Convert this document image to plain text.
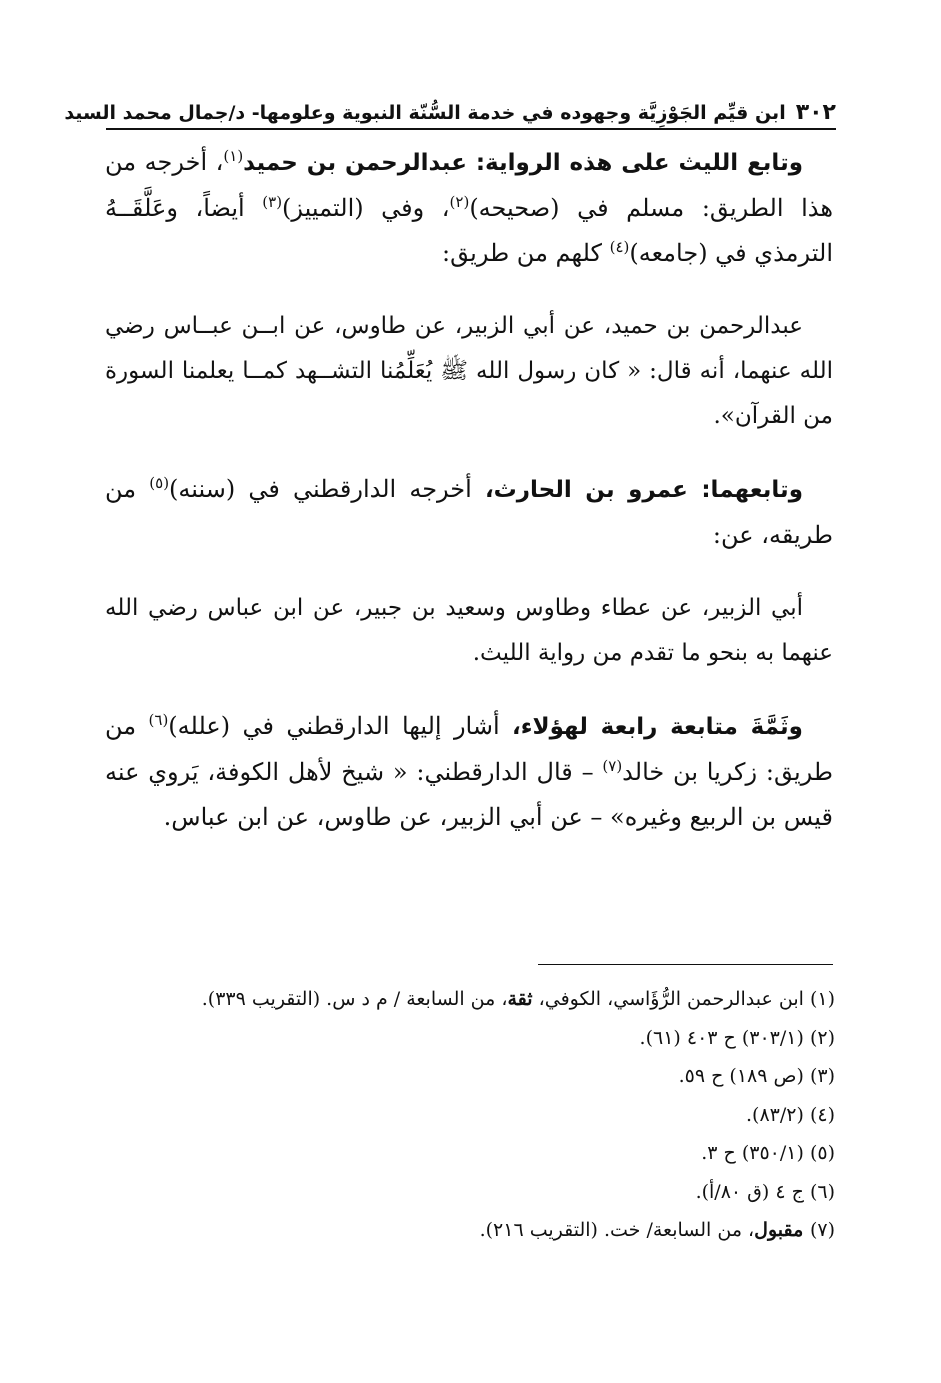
٣٠٢
ابن قيِّم الجَوْزِيَّة وجهوده في خدمة السُّنّة النبوية وعلومها- د/جمال محمد السيد

وتابع الليث على هذه الرواية: عبدالرحمن بن حميد$^{(١)}$، أخرجه من هذا الطريق: مسلم في (صحيحه)$^{(٢)}$، وفي (التمييز)$^{(٣)}$ أيضاً، وعَلَّقَــهُ الترمذي في (جامعه)$^{(٤)}$ كلهم من طريق:

عبدالرحمن بن حميد، عن أبي الزبير، عن طاوس، عن ابــن عبــاس رضي الله عنهما، أنه قال: « كان رسول الله ﷺ يُعَلِّمُنا التشــهد كمــا يعلمنا السورة من القرآن».

وتابعهما: عمرو بن الحارث، أخرجه الدارقطني في (سننه)$^{(٥)}$ من طريقه، عن:

أبي الزبير، عن عطاء وطاوس وسعيد بن جبير، عن ابن عباس رضي الله عنهما به بنحو ما تقدم من رواية الليث.

وثَمَّةَ متابعة رابعة لهؤلاء، أشار إليها الدارقطني في (علله)$^{(٦)}$ من طريق: زكريا بن خالد$^{(٧)}$ – قال الدارقطني: « شيخ لأهل الكوفة، يَروي عنه قيس بن الربيع وغيره» – عن أبي الزبير، عن طاوس، عن ابن عباس.

(١) ابن عبدالرحمن الرُّؤَاسي، الكوفي، ثقة، من السابعة / م د س. (التقريب ٣٣٩).
(٢) (٣٠٣/١) ح ٤٠٣ (٦١).
(٣) (ص ١٨٩) ح ٥٩.
(٤) (٨٣/٢).
(٥) (٣٥٠/١) ح ٣.
(٦) ج ٤ (ق ٨٠/أ).
(٧) مقبول، من السابعة/ خت. (التقريب ٢١٦).
